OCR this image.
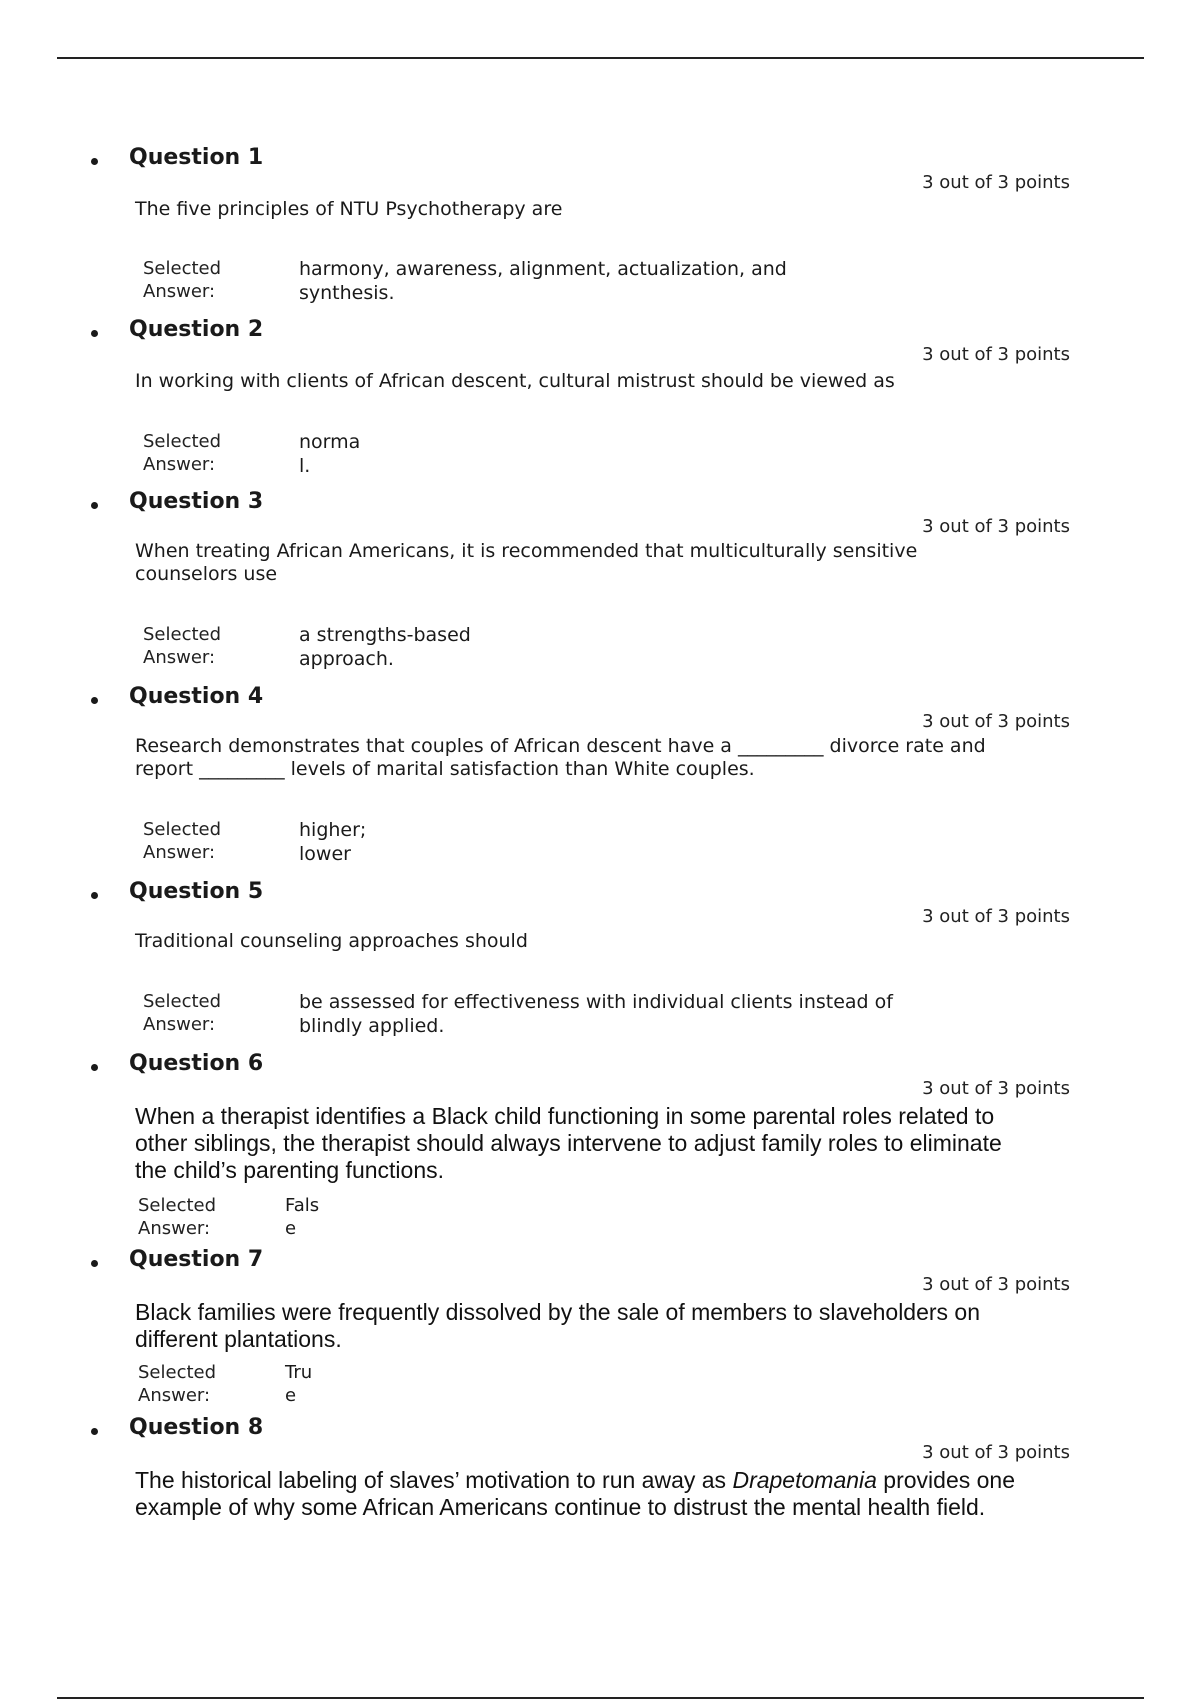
Question 1
3 out of 3 points
The five principles of NTU Psychotherapy are
Selected
Answer:
harmony, awareness, alignment, actualization, and
synthesis.
Question 2
3 out of 3 points
In working with clients of African descent, cultural mistrust should be viewed as
Selected
Answer:
norma
l.
Question 3
3 out of 3 points
When treating African Americans, it is recommended that multiculturally sensitive counselors use
Selected
Answer:
a strengths-based
approach.
Question 4
3 out of 3 points
Research demonstrates that couples of African descent have a _________ divorce rate and report _________ levels of marital satisfaction than White couples.
Selected
Answer:
higher;
lower
Question 5
3 out of 3 points
Traditional counseling approaches should
Selected
Answer:
be assessed for effectiveness with individual clients instead of
blindly applied.
Question 6
3 out of 3 points
When a therapist identifies a Black child functioning in some parental roles related to other siblings, the therapist should always intervene to adjust family roles to eliminate the child’s parenting functions.
Selected
Answer:
Fals
e
Question 7
3 out of 3 points
Black families were frequently dissolved by the sale of members to slaveholders on different plantations.
Selected
Answer:
Tru
e
Question 8
3 out of 3 points
The historical labeling of slaves’ motivation to run away as Drapetomania provides one example of why some African Americans continue to distrust the mental health field.
